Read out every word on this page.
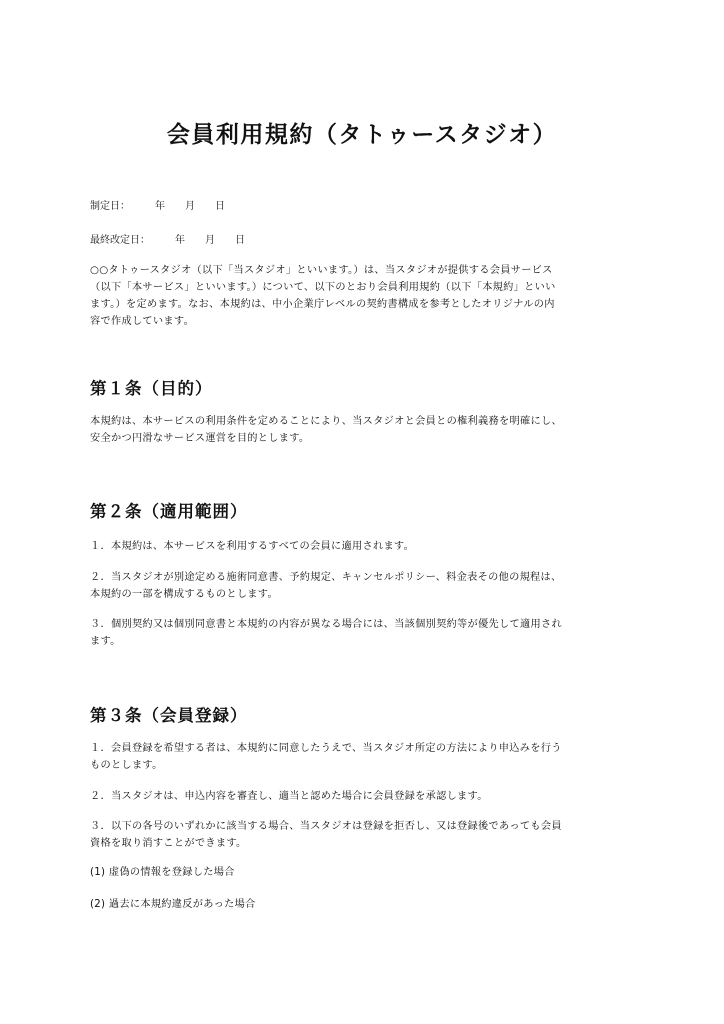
会員利用規約（タトゥースタジオ）

制定日：　　　年　　月　　日

最終改定日：　　　年　　月　　日

○○タトゥースタジオ（以下「当スタジオ」といいます。）は、当スタジオが提供する会員サービス
（以下「本サービス」といいます。）について、以下のとおり会員利用規約（以下「本規約」といい
ます。）を定めます。なお、本規約は、中小企業庁レベルの契約書構成を参考としたオリジナルの内
容で作成しています。

第１条（目的）

本規約は、本サービスの利用条件を定めることにより、当スタジオと会員との権利義務を明確にし、
安全かつ円滑なサービス運営を目的とします。

第２条（適用範囲）

１．本規約は、本サービスを利用するすべての会員に適用されます。

２．当スタジオが別途定める施術同意書、予約規定、キャンセルポリシー、料金表その他の規程は、
本規約の一部を構成するものとします。

３．個別契約又は個別同意書と本規約の内容が異なる場合には、当該個別契約等が優先して適用され
ます。

第３条（会員登録）

１．会員登録を希望する者は、本規約に同意したうえで、当スタジオ所定の方法により申込みを行う
ものとします。

２．当スタジオは、申込内容を審査し、適当と認めた場合に会員登録を承認します。

３．以下の各号のいずれかに該当する場合、当スタジオは登録を拒否し、又は登録後であっても会員
資格を取り消すことができます。

(1) 虚偽の情報を登録した場合

(2) 過去に本規約違反があった場合
